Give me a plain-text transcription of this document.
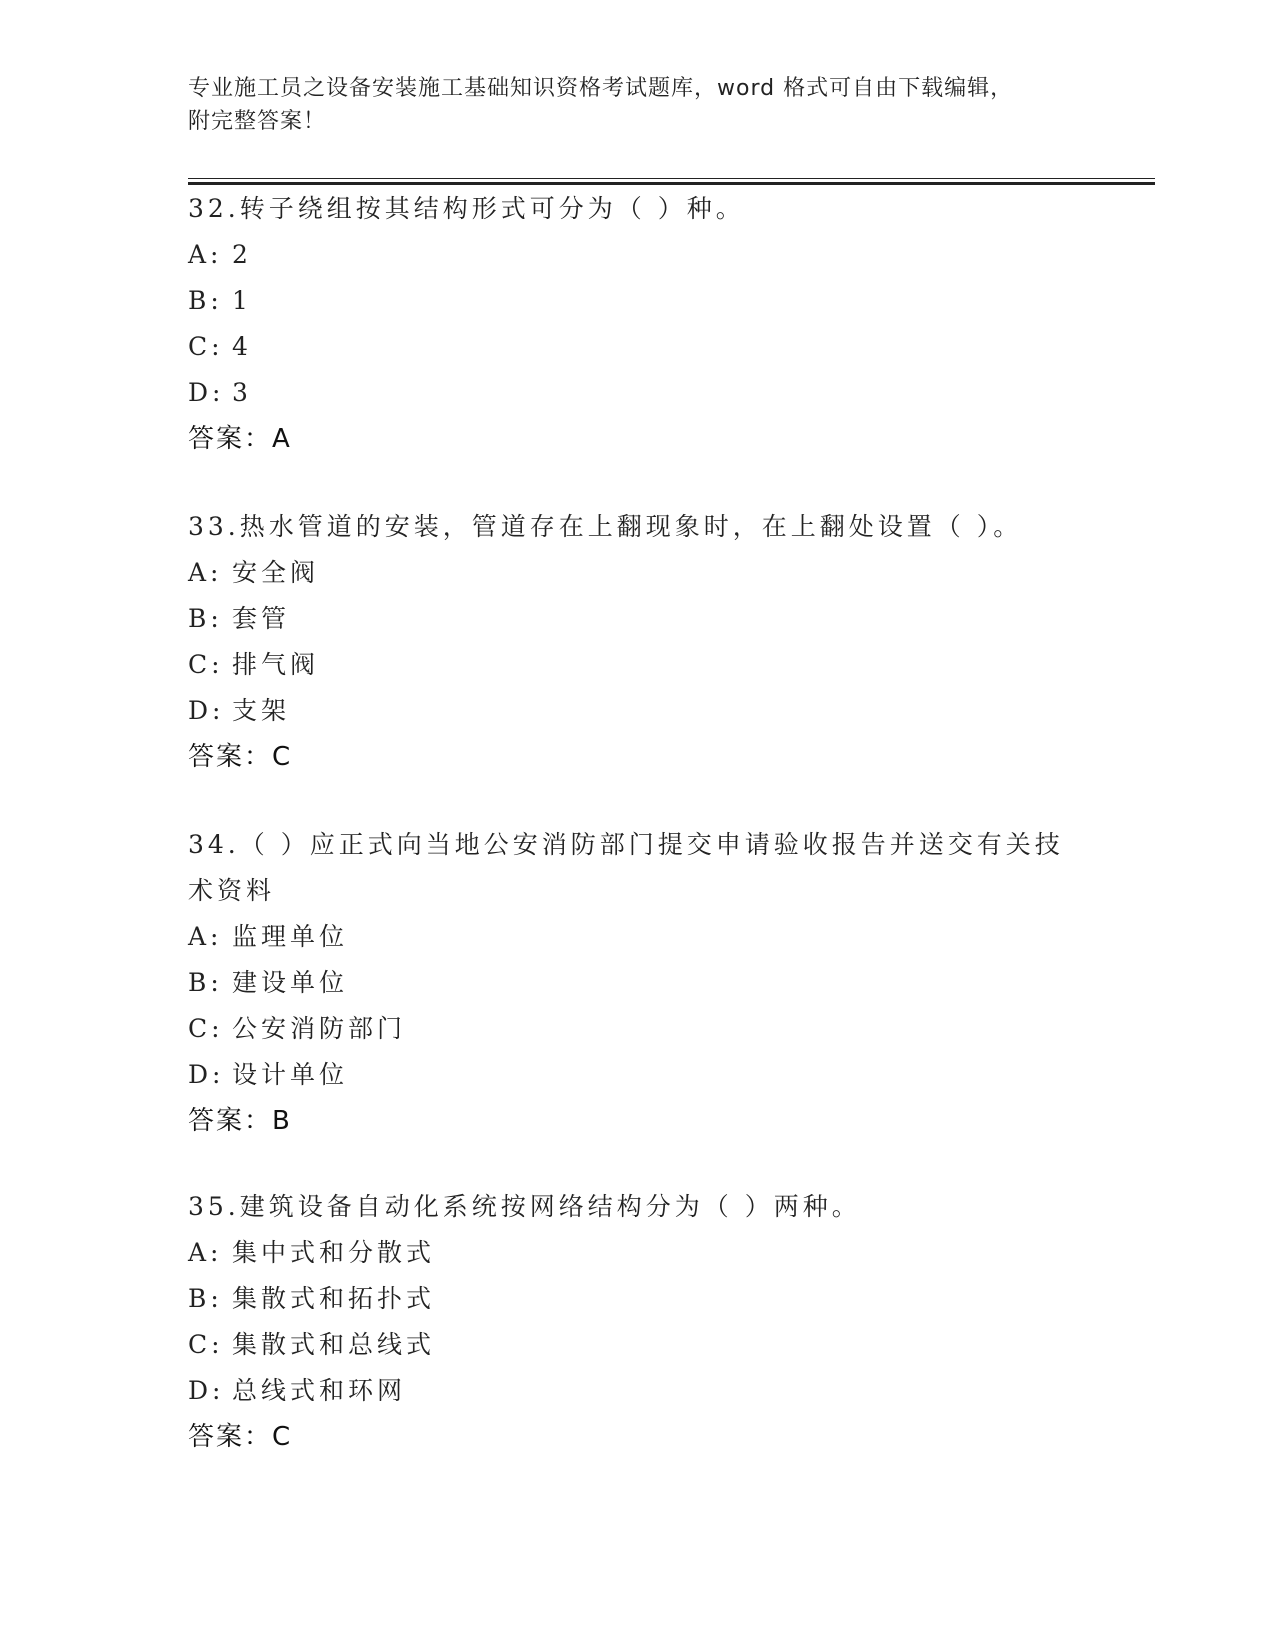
专业施工员之设备安装施工基础知识资格考试题库，word 格式可自由下载编辑，
附完整答案！

32.转子绕组按其结构形式可分为（ ）种。

A: 2
B: 1
C: 4
D: 3
答案：A

33.热水管道的安装，管道存在上翻现象时，在上翻处设置（ ）。

A: 安全阀
B: 套管
C: 排气阀
D: 支架
答案：C

34.（ ）应正式向当地公安消防部门提交申请验收报告并送交有关技

术资料

A: 监理单位
B: 建设单位
C: 公安消防部门
D: 设计单位
答案：B

35.建筑设备自动化系统按网络结构分为（ ）两种。

A: 集中式和分散式
B: 集散式和拓扑式
C: 集散式和总线式
D: 总线式和环网
答案：C
